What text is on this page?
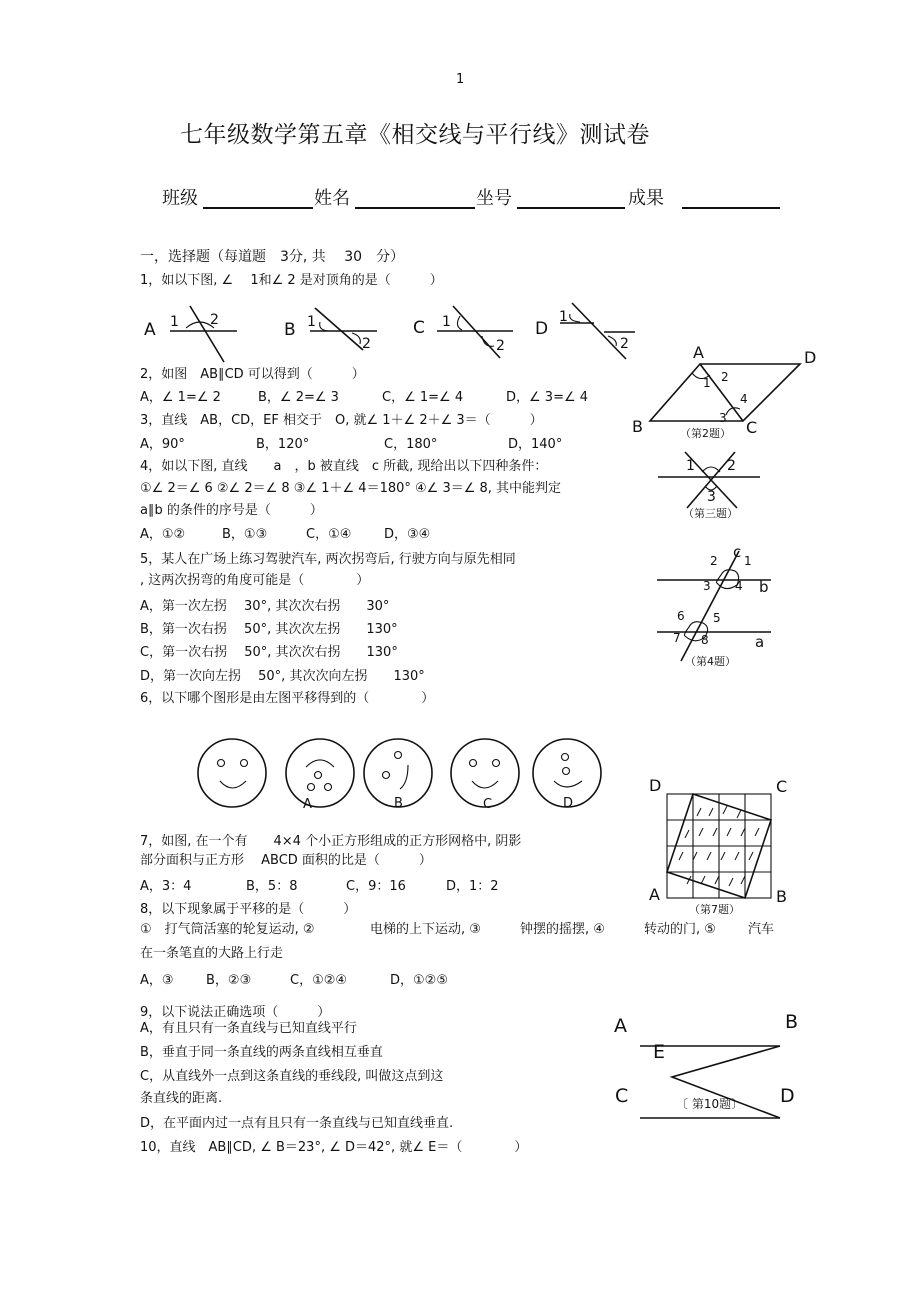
1
七年级数学第五章《相交线与平行线》测试卷
班级	姓名	坐号	成果
一，选择题（每道题　3分, 共　 30　分）
1，如以下图, ∠　 1和∠ 2 是对顶角的是（　　　）
A 1 2	B 1
2
C 1
2
D
1
2
2，如图　AB∥CD 可以得到（　　　）
A，∠ 1=∠ 2	B，∠ 2=∠ 3	C，∠ 1=∠ 4	D，∠ 3=∠ 4
3，直线　AB，CD，EF 相交于　O, 就∠ 1＋∠ 2＋∠ 3＝（　　　）
A，90°	B，120°	C，180°	D，140°
A	D
B	C
1 2
3
4
（第2题）
1 2
3
（第三题）
4，如以下图, 直线　　a　，b 被直线　c 所截, 现给出以下四种条件：
①∠ 2＝∠ 6 ②∠ 2＝∠ 8 ③∠ 1＋∠ 4＝180° ④∠ 3＝∠ 8, 其中能判定
a∥b 的条件的序号是（　　　）
A，①②	B，①③	C，①④	D，③④
c
2 1
3 4 b
6 5
7 8	a
（第4题）
5，某人在广场上练习驾驶汽车, 两次拐弯后, 行驶方向与原先相同
, 这两次拐弯的角度可能是（　　　　）
A，第一次左拐　 30°, 其次次右拐　　30°
B，第一次右拐　 50°, 其次次左拐　　130°
C，第一次右拐　 50°, 其次次右拐　　130°
D，第一次向左拐　 50°, 其次次向左拐　　130°
6，以下哪个图形是由左图平移得到的（　　　　）
A	B	C	D
7，如图, 在一个有　　4×4 个小正方形组成的正方形网格中, 阴影
部分面积与正方形　 ABCD 面积的比是（　　　）
A，3：4	B，5：8	C，9：16	D，1：2
D	C
A	B
（第7题）
8，以下现象属于平移的是（　　　）
①　打气筒活塞的轮复运动, ②	电梯的上下运动, ③	钟摆的摇摆, ④	转动的门, ⑤ 汽车
在一条笔直的大路上行走
A，③ B，②③	C，①②④	D，①②⑤
9，以下说法正确选项（　　　）
A，有且只有一条直线与已知直线平行
B，垂直于同一条直线的两条直线相互垂直
C，从直线外一点到这条直线的垂线段, 叫做这点到这
条直线的距离.
D，在平面内过一点有且只有一条直线与已知直线垂直.
10，直线　AB∥CD, ∠ B＝23°, ∠ D＝42°, 就∠ E＝（　　　　）
A	B
E
C	D
〔 第10题〕
